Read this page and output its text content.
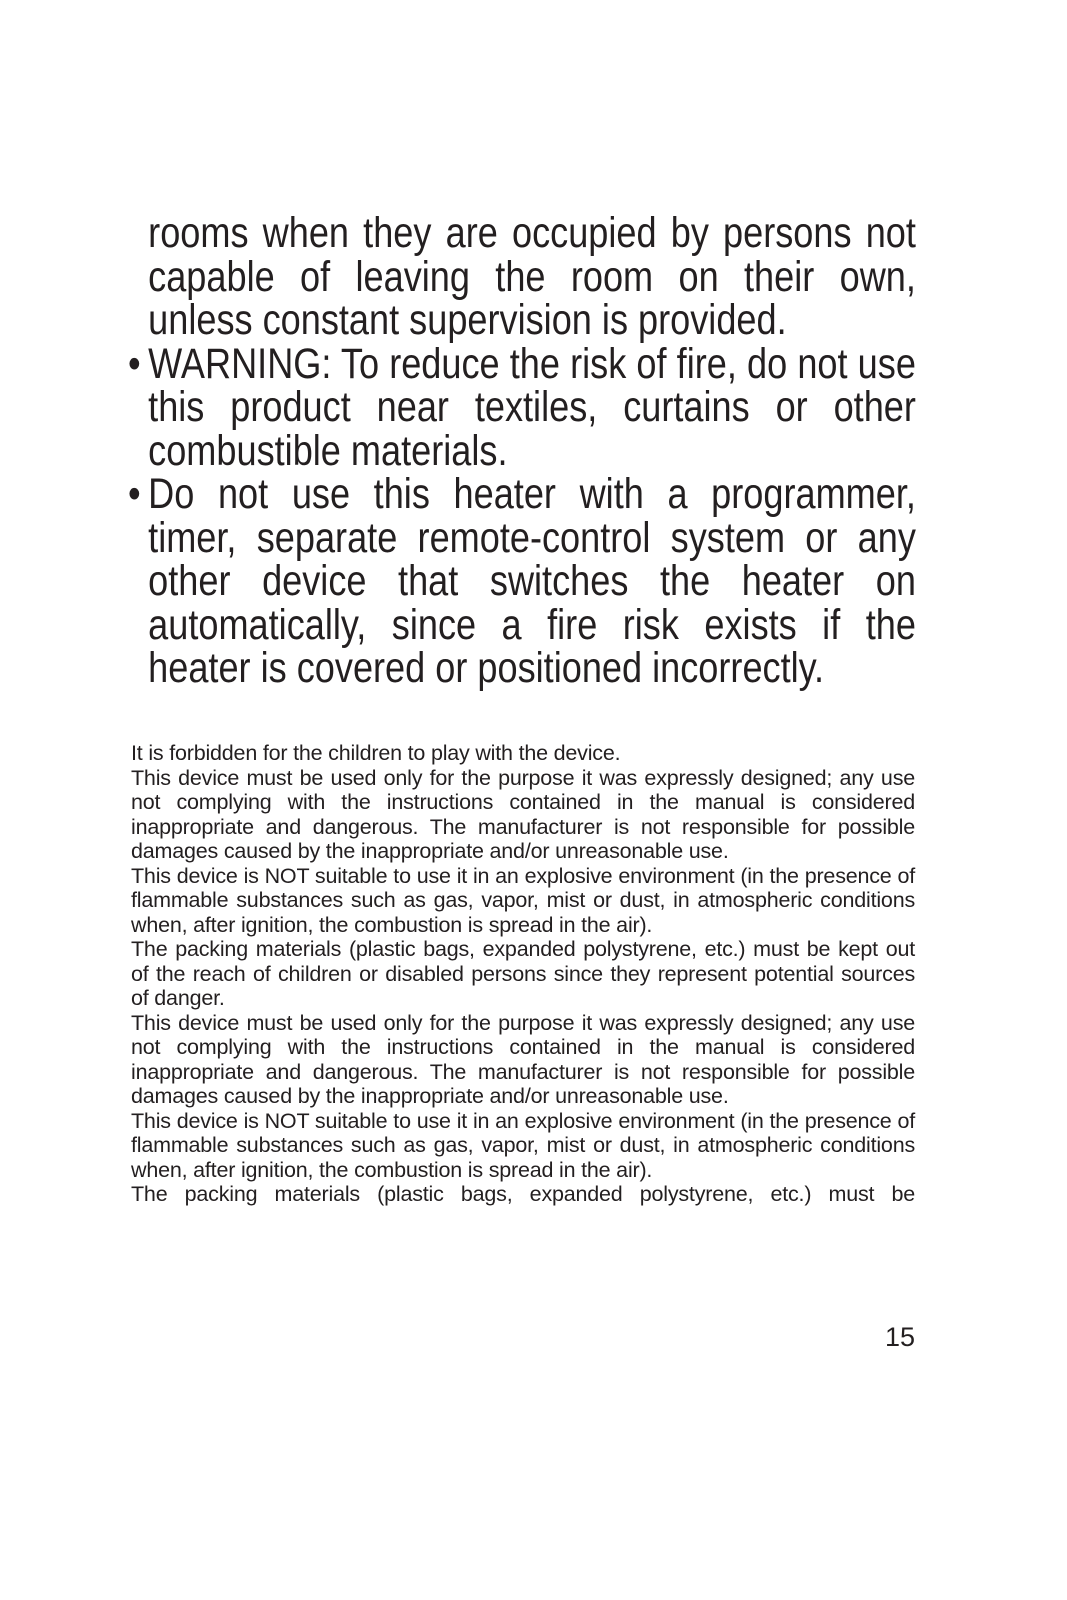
rooms when they are occupied by persons not capable of leaving the room on their own, unless constant supervision is provided.

• WARNING: To reduce the risk of fire, do not use this product near textiles, curtains or other combustible materials.
• Do not use this heater with a programmer, timer, separate remote-control system or any other device that switches the heater on automatically, since a fire risk exists if the heater is covered or positioned incorrectly.

It is forbidden for the children to play with the device.

This device must be used only for the purpose it was expressly designed; any use not complying with the instructions contained in the manual is considered inappropriate and dangerous. The manufacturer is not responsible for possible damages caused by the inappropriate and/or unreasonable use.

This device is NOT suitable to use it in an explosive environment (in the presence of flammable substances such as gas, vapor, mist or dust, in atmospheric conditions when, after ignition, the combustion is spread in the air).

The packing materials (plastic bags, expanded polystyrene, etc.) must be kept out of the reach of children or disabled persons since they represent potential sources of danger.

This device must be used only for the purpose it was expressly designed; any use not complying with the instructions contained in the manual is considered inappropriate and dangerous. The manufacturer is not responsible for possible damages caused by the inappropriate and/or unreasonable use.

This device is NOT suitable to use it in an explosive environment (in the presence of flammable substances such as gas, vapor, mist or dust, in atmospheric conditions when, after ignition, the combustion is spread in the air).

The packing materials (plastic bags, expanded polystyrene, etc.) must be

15
